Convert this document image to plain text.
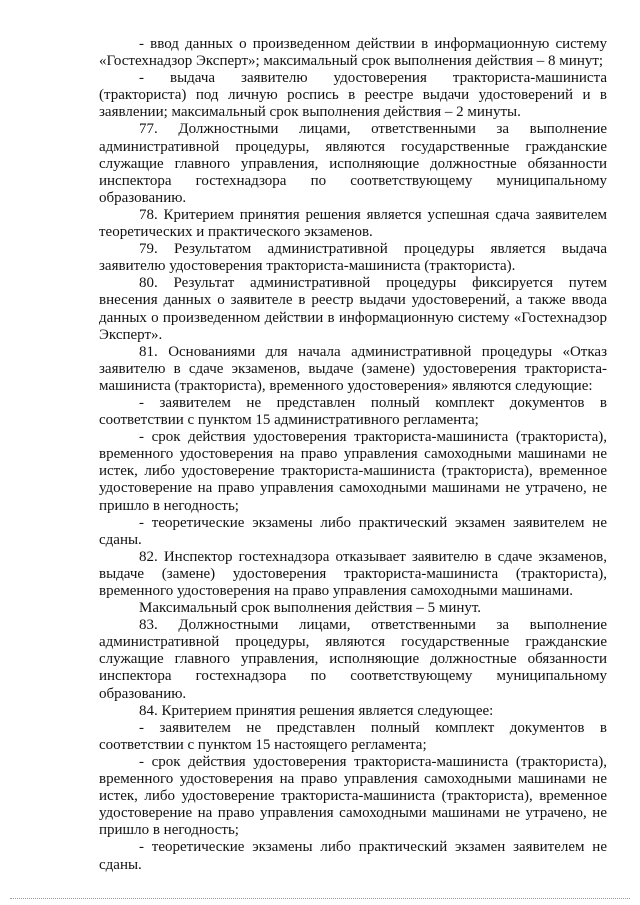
- ввод данных о произведенном действии в информационную систему «Гостехнадзор Эксперт»; максимальный срок выполнения действия – 8 минут;

- выдача заявителю удостоверения тракториста-машиниста (тракториста) под личную роспись в реестре выдачи удостоверений и в заявлении; максимальный срок выполнения действия – 2 минуты.

77. Должностными лицами, ответственными за выполнение административной процедуры, являются государственные гражданские служащие главного управления, исполняющие должностные обязанности инспектора гостехнадзора по соответствующему муниципальному образованию.

78. Критерием принятия решения является успешная сдача заявителем теоретических и практического экзаменов.

79. Результатом административной процедуры является выдача заявителю удостоверения тракториста-машиниста (тракториста).

80. Результат административной процедуры фиксируется путем внесения данных о заявителе в реестр выдачи удостоверений, а также ввода данных о произведенном действии в информационную систему «Гостехнадзор Эксперт».

81. Основаниями для начала административной процедуры «Отказ заявителю в сдаче экзаменов, выдаче (замене) удостоверения тракториста-машиниста (тракториста), временного удостоверения» являются следующие:

- заявителем не представлен полный комплект документов в соответствии с пунктом 15 административного регламента;

- срок действия удостоверения тракториста-машиниста (тракториста), временного удостоверения на право управления самоходными машинами не истек, либо удостоверение тракториста-машиниста (тракториста), временное удостоверение на право управления самоходными машинами не утрачено, не пришло в негодность;

- теоретические экзамены либо практический экзамен заявителем не сданы.

82. Инспектор гостехнадзора отказывает заявителю в сдаче экзаменов, выдаче (замене) удостоверения тракториста-машиниста (тракториста), временного удостоверения на право управления самоходными машинами.

Максимальный срок выполнения действия – 5 минут.

83. Должностными лицами, ответственными за выполнение административной процедуры, являются государственные гражданские служащие главного управления, исполняющие должностные обязанности инспектора гостехнадзора по соответствующему муниципальному образованию.

84. Критерием принятия решения является следующее:

- заявителем не представлен полный комплект документов в соответствии с пунктом 15 настоящего регламента;

- срок действия удостоверения тракториста-машиниста (тракториста), временного удостоверения на право управления самоходными машинами не истек, либо удостоверение тракториста-машиниста (тракториста), временное удостоверение на право управления самоходными машинами не утрачено, не пришло в негодность;

- теоретические экзамены либо практический экзамен заявителем не сданы.
